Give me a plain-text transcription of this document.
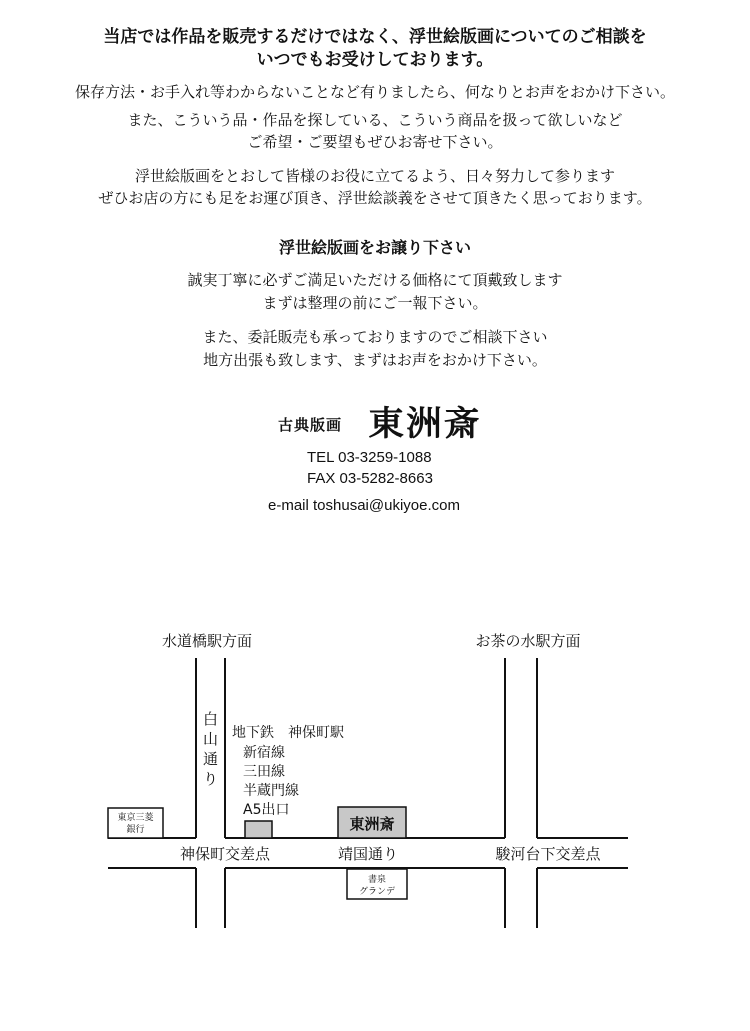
当店では作品を販売するだけではなく、浮世絵版画についてのご相談を
いつでもお受けしております。
保存方法・お手入れ等わからないことなど有りましたら、何なりとお声をおかけ下さい。
また、こういう品・作品を探している、こういう商品を扱って欲しいなど
ご希望・ご要望もぜひお寄せ下さい。
浮世絵版画をとおして皆様のお役に立てるよう、日々努力して参ります
ぜひお店の方にも足をお運び頂き、浮世絵談義をさせて頂きたく思っております。
浮世絵版画をお譲り下さい
誠実丁寧に必ずご満足いただける価格にて頂戴致します
まずは整理の前にご一報下さい。
また、委託販売も承っておりますのでご相談下さい
地方出張も致します、まずはお声をおかけ下さい。
古典版画 東洲斎
TEL 03-3259-1088
FAX 03-5282-8663
e-mail toshusai@ukiyoe.com
東京三菱
銀行	東洲斎
書泉
グランデ
水道橋駅方面	お茶の水駅方面
白
山
通
り
地下鉄　神保町駅
新宿線
三田線
半蔵門線
A5出口
神保町交差点	靖国通り	駿河台下交差点
